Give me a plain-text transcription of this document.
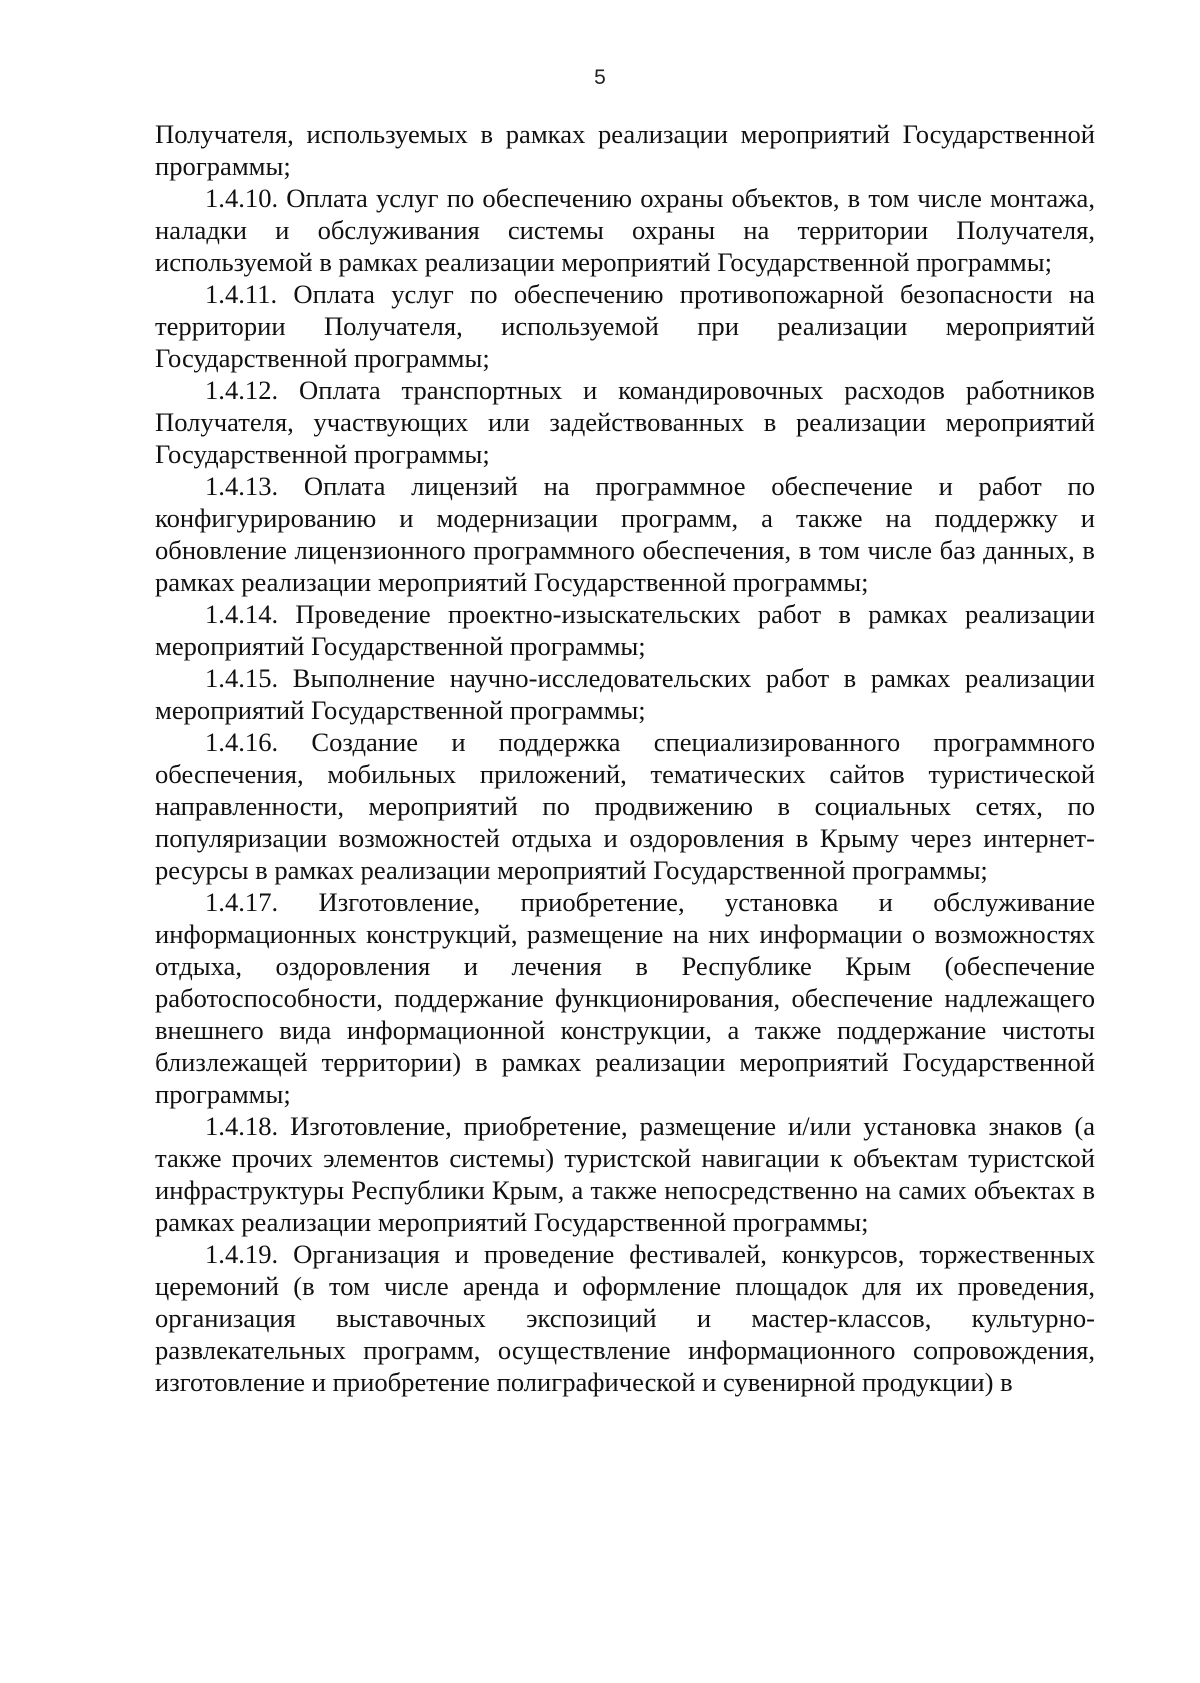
5

Получателя, используемых в рамках реализации мероприятий Государственной программы;

1.4.10. Оплата услуг по обеспечению охраны объектов, в том числе монтажа, наладки и обслуживания системы охраны на территории Получателя, используемой в рамках реализации мероприятий Государственной программы;

1.4.11. Оплата услуг по обеспечению противопожарной безопасности на территории Получателя, используемой при реализации мероприятий Государственной программы;

1.4.12. Оплата транспортных и командировочных расходов работников Получателя, участвующих или задействованных в реализации мероприятий Государственной программы;

1.4.13. Оплата лицензий на программное обеспечение и работ по конфигурированию и модернизации программ, а также на поддержку и обновление лицензионного программного обеспечения, в том числе баз данных, в рамках реализации мероприятий Государственной программы;

1.4.14. Проведение проектно-изыскательских работ в рамках реализации мероприятий Государственной программы;

1.4.15. Выполнение научно-исследовательских работ в рамках реализации мероприятий Государственной программы;

1.4.16. Создание и поддержка специализированного программного обеспечения, мобильных приложений, тематических сайтов туристической направленности, мероприятий по продвижению в социальных сетях, по популяризации возможностей отдыха и оздоровления в Крыму через интернет-ресурсы в рамках реализации мероприятий Государственной программы;

1.4.17. Изготовление, приобретение, установка и обслуживание информационных конструкций, размещение на них информации о возможностях отдыха, оздоровления и лечения в Республике Крым (обеспечение работоспособности, поддержание функционирования, обеспечение надлежащего внешнего вида информационной конструкции, а также поддержание чистоты близлежащей территории) в рамках реализации мероприятий Государственной программы;

1.4.18. Изготовление, приобретение, размещение и/или установка знаков (а также прочих элементов системы) туристской навигации к объектам туристской инфраструктуры Республики Крым, а также непосредственно на самих объектах в рамках реализации мероприятий Государственной программы;

1.4.19. Организация и проведение фестивалей, конкурсов, торжественных церемоний (в том числе аренда и оформление площадок для их проведения, организация выставочных экспозиций и мастер-классов, культурно-развлекательных программ, осуществление информационного сопровождения, изготовление и приобретение полиграфической и сувенирной продукции) в
